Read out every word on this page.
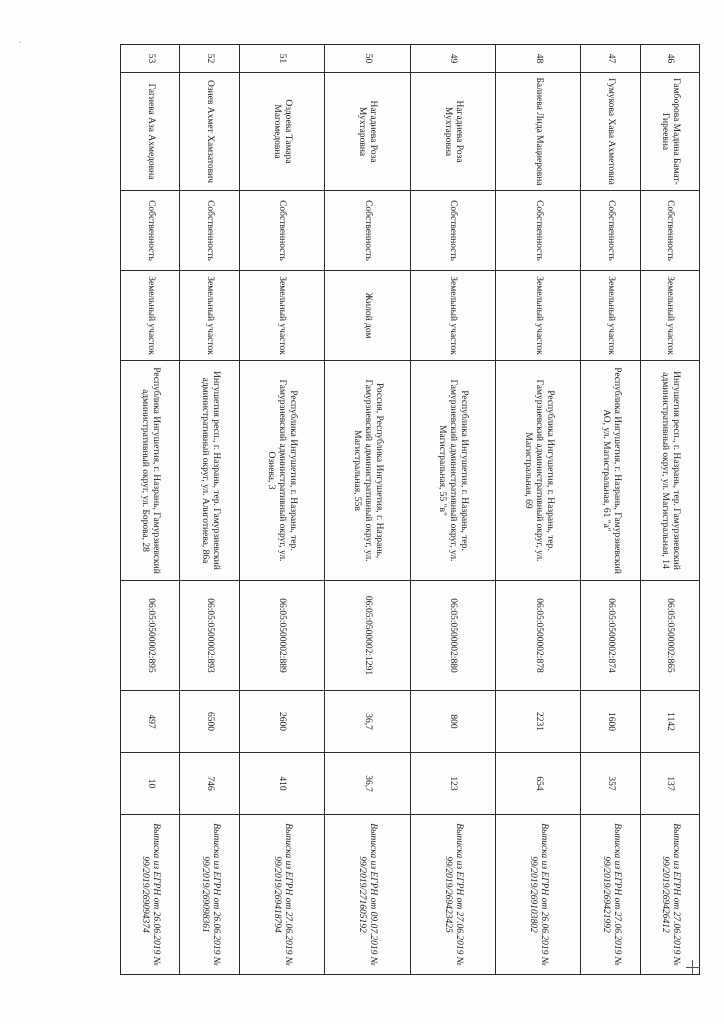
·
46	Гамборова Мадина Бамат-Гиреевна	Собственность	Земельный участок	Ингушетия респ., г. Назрань, тер. Гамурзиевский административный округ, ул. Магистральная, 14	06:05:0500002:865	1142	137	Выписка из ЕГРН от 27.06.2019 № 99/2019/269426412
47	Гумукова Хава Ахметовна	Собственность	Земельный участок	Республика Ингушетия, г. Назрань, Гамурзиевский АО, ул. Магистральная, 61 "а"	06:05:0500002:874	1600	357	Выписка из ЕГРН от 27.06.2019 № 99/2019/269421992
48	Балиева Лида Мациеровна	Собственность	Земельный участок	Республика Ингушетия, г. Назрань, тер. Гамурзиевский административный округ, ул. Магистральная, 69	06:05:0500002:878	2231	654	Выписка из ЕГРН от 26.06.2019 № 99/2019/269103802
49	Нагадиева Роза Мухтаровна	Собственность	Земельный участок	Республика Ингушетия, г. Назрань, тер. Гамурзиевский административный округ, ул. Магистральная, 55 "в"	06:05:0500002:880	800	123	Выписка из ЕГРН от 27.06.2019 № 99/2019/269423425
50	Нагадиева Роза Мухтаровна	Собственность	Жилой дом	Россия, Республика Ингушетия, г. Назрань, Гамурзиевский административный округ, ул. Магистральная, 55в	06:05:0500002:1291	36,7	36,7	Выписка из ЕГРН от 09.07.2019 № 99/2019/271605192
51	Оздоева Тамара Магомедовна	Собственность	Земельный участок	Республика Ингушетия, г. Назрань, тер. Гамурзиевский административный округ, ул. Озиева, 3	06:05:0500002:889	2600	410	Выписка из ЕГРН от 27.06.2019 № 99/2019/269418794
52	Озиев Ахмет Хамзатович	Собственность	Земельный участок	Ингушетия респ., г. Назрань, тер. Гамурзиевский административный округ, ул. Алиготиева, 86а	06:05:0500002:893	6500	746	Выписка из ЕГРН от 26.06.2019 № 99/2019/269098361
53	Гагиева Аза Ахмедовна	Собственность	Земельный участок	Республика Ингушетия, г. Назрань, Гамурзиевский административный округ, ул. Борова, 28	06:05:0500002:895	497	10	Выписка из ЕГРН от 26.06.2019 № 99/2019/269094374
